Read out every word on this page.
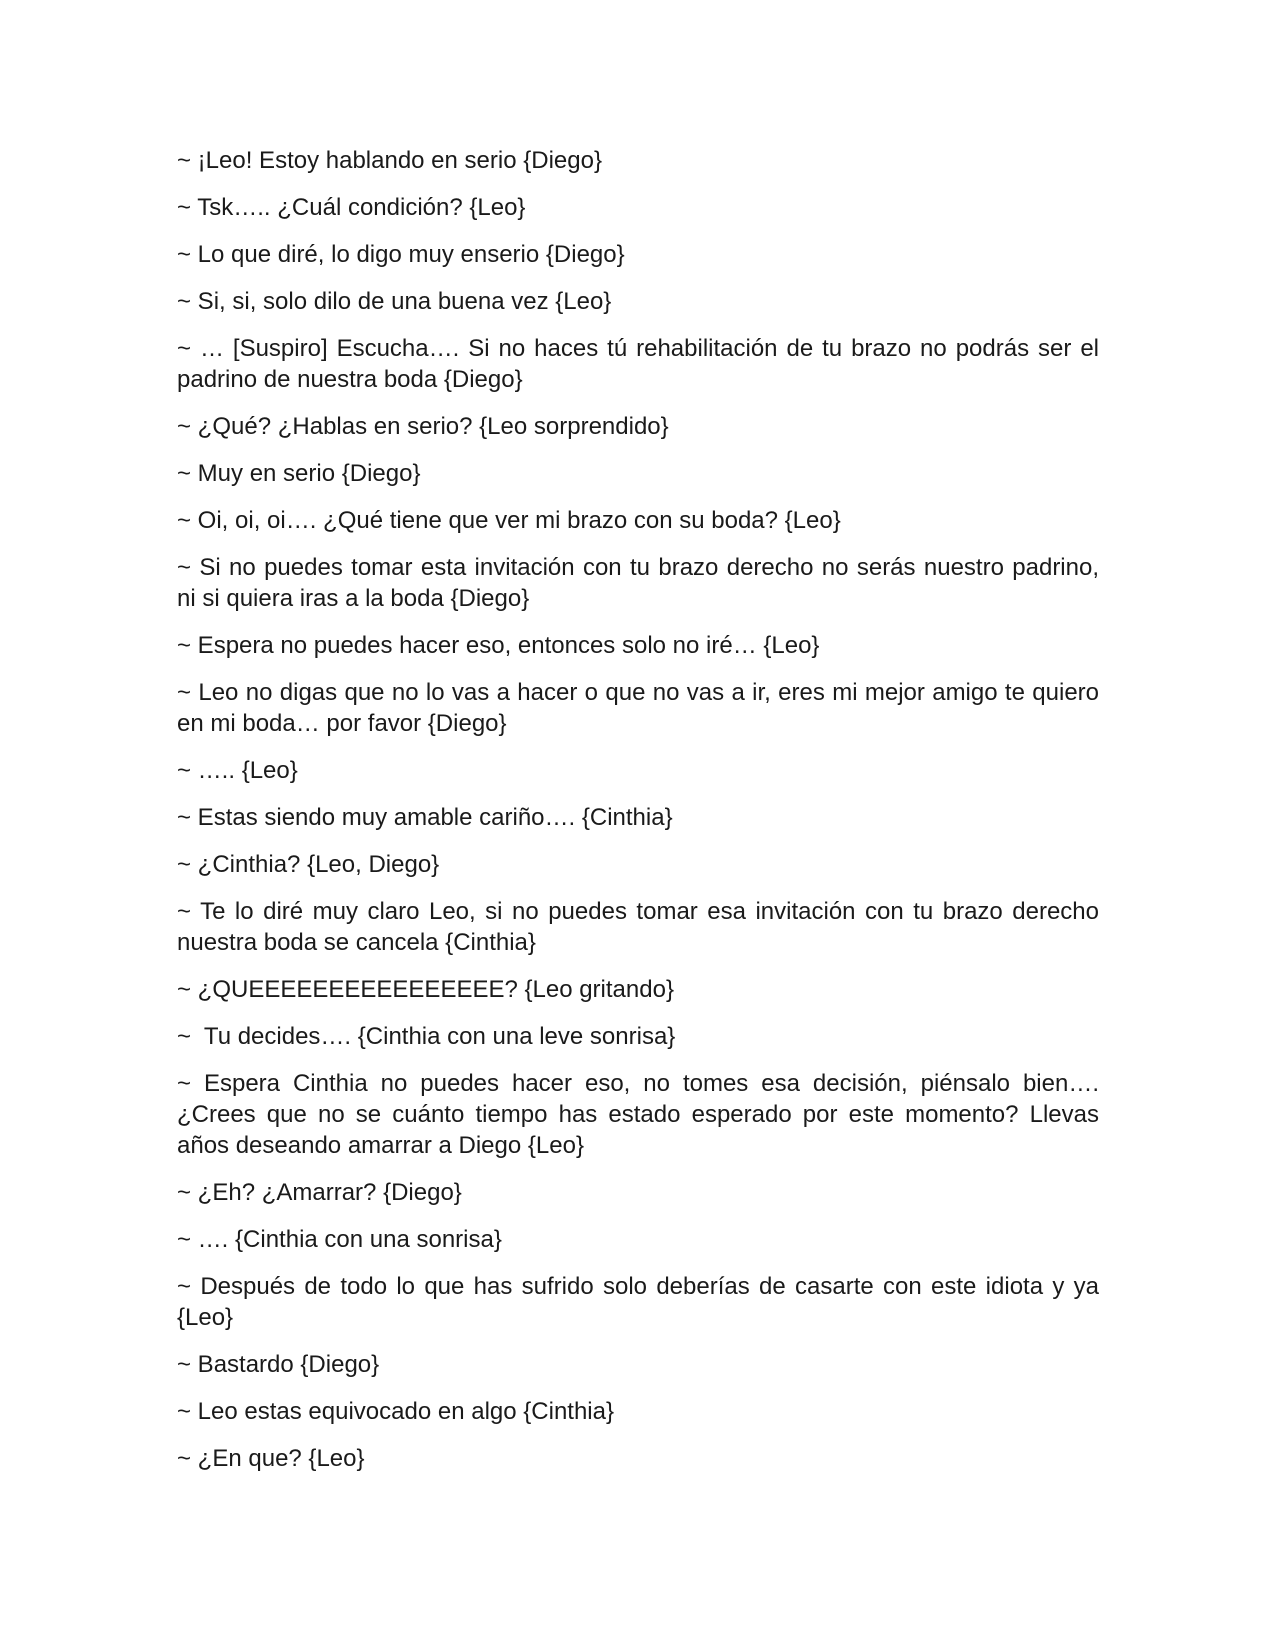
~ ¡Leo! Estoy hablando en serio {Diego}

~ Tsk….. ¿Cuál condición? {Leo}

~ Lo que diré, lo digo muy enserio {Diego}

~ Si, si, solo dilo de una buena vez {Leo}

~ … [Suspiro] Escucha…. Si no haces tú rehabilitación de tu brazo no podrás ser el padrino de nuestra boda {Diego}

~ ¿Qué? ¿Hablas en serio? {Leo sorprendido}

~ Muy en serio {Diego}

~ Oi, oi, oi…. ¿Qué tiene que ver mi brazo con su boda? {Leo}

~ Si no puedes tomar esta invitación con tu brazo derecho no serás nuestro padrino, ni si quiera iras a la boda {Diego}

~ Espera no puedes hacer eso, entonces solo no iré… {Leo}

~ Leo no digas que no lo vas a hacer o que no vas a ir, eres mi mejor amigo te quiero en mi boda… por favor {Diego}

~ ….. {Leo}

~ Estas siendo muy amable cariño…. {Cinthia}

~ ¿Cinthia? {Leo, Diego}

~ Te lo diré muy claro Leo, si no puedes tomar esa invitación con tu brazo derecho nuestra boda se cancela {Cinthia}

~ ¿QUEEEEEEEEEEEEEEEE? {Leo gritando}

~  Tu decides…. {Cinthia con una leve sonrisa}

~ Espera Cinthia no puedes hacer eso, no tomes esa decisión, piénsalo bien…. ¿Crees que no se cuánto tiempo has estado esperado por este momento? Llevas años deseando amarrar a Diego {Leo}

~ ¿Eh? ¿Amarrar? {Diego}

~ …. {Cinthia con una sonrisa}

~ Después de todo lo que has sufrido solo deberías de casarte con este idiota y ya {Leo}

~ Bastardo {Diego}

~ Leo estas equivocado en algo {Cinthia}

~ ¿En que? {Leo}
